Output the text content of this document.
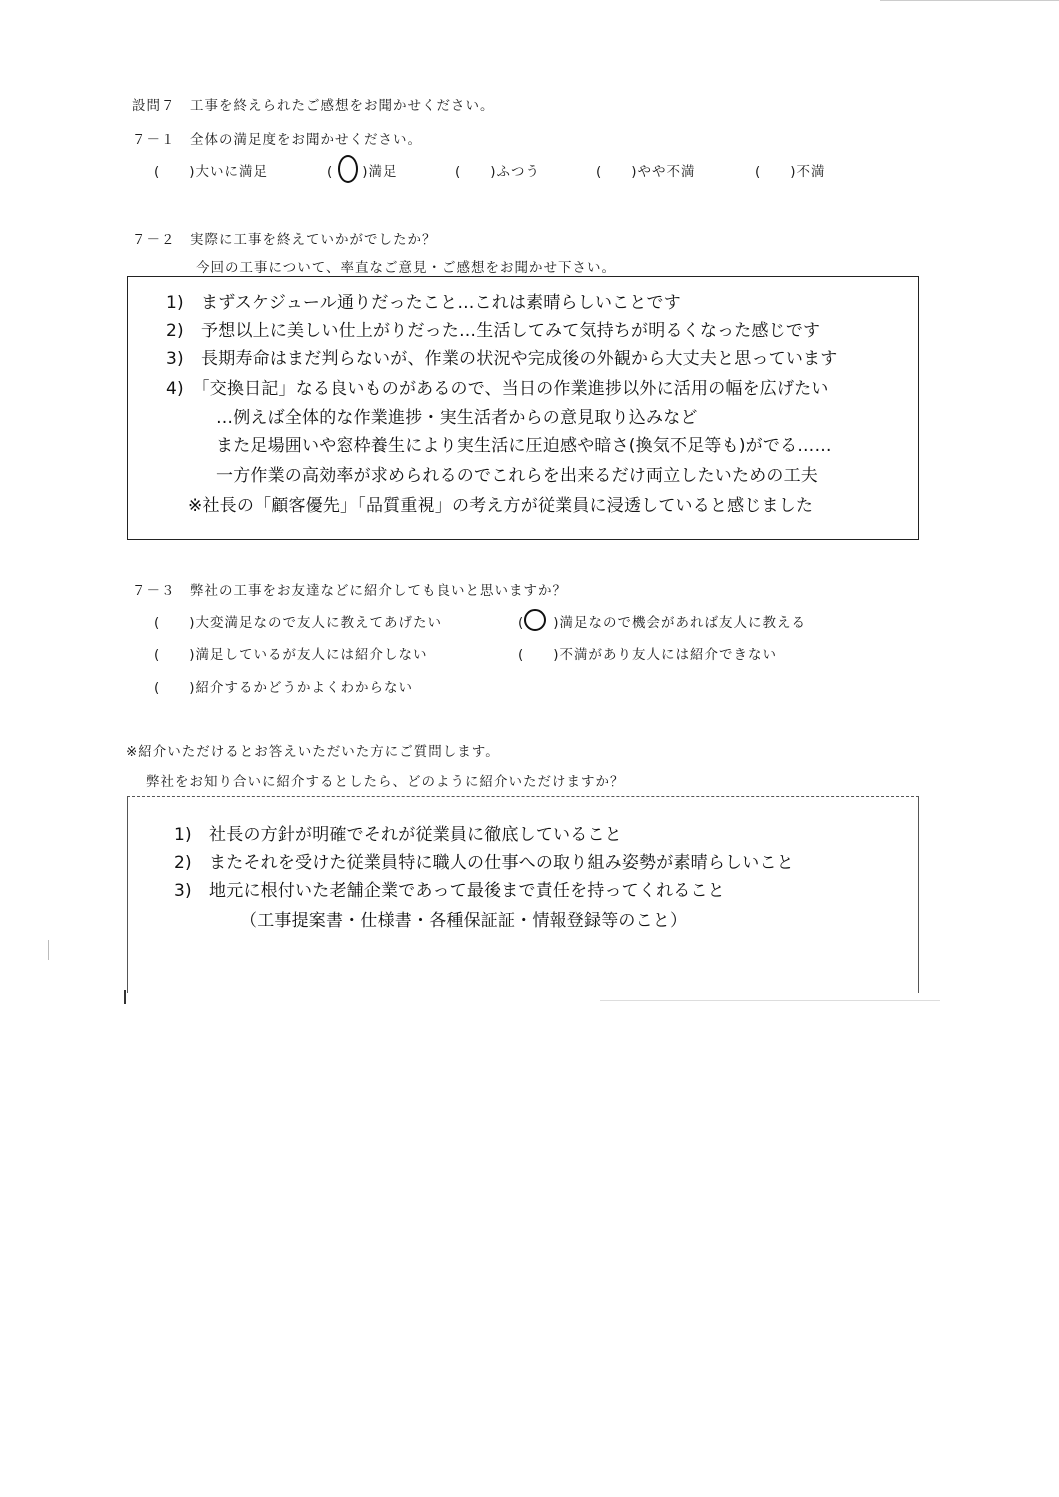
設問７　工事を終えられたご感想をお聞かせください。
７－１　全体の満足度をお聞かせください。
(　　)大いに満足	(　　)満足	(　　)ふつう	(　　)やや不満	(　　)不満
７－２　実際に工事を終えていかがでしたか？
今回の工事について、率直なご意見・ご感想をお聞かせ下さい。
1)　まずスケジュール通りだったこと…これは素晴らしいことです
2)　予想以上に美しい仕上がりだった…生活してみて気持ちが明るくなった感じです
3)　長期寿命はまだ判らないが、作業の状況や完成後の外観から大丈夫と思っています
4)　「交換日記」なる良いものがあるので、当日の作業進捗以外に活用の幅を広げたい
…例えば全体的な作業進捗・実生活者からの意見取り込みなど
また足場囲いや窓枠養生により実生活に圧迫感や暗さ(換気不足等も)がでる……
一方作業の高効率が求められるのでこれらを出来るだけ両立したいための工夫
※社長の「顧客優先」「品質重視」の考え方が従業員に浸透していると感じました
７－３　弊社の工事をお友達などに紹介しても良いと思いますか？
(　　)大変満足なので友人に教えてあげたい	(　　)満足なので機会があれば友人に教える
(　　)満足しているが友人には紹介しない	(　　)不満があり友人には紹介できない
(　　)紹介するかどうかよくわからない
※紹介いただけるとお答えいただいた方にご質問します。
弊社をお知り合いに紹介するとしたら、どのように紹介いただけますか？
1)　社長の方針が明確でそれが従業員に徹底していること
2)　またそれを受けた従業員特に職人の仕事への取り組み姿勢が素晴らしいこと
3)　地元に根付いた老舗企業であって最後まで責任を持ってくれること
（工事提案書・仕様書・各種保証証・情報登録等のこと）
